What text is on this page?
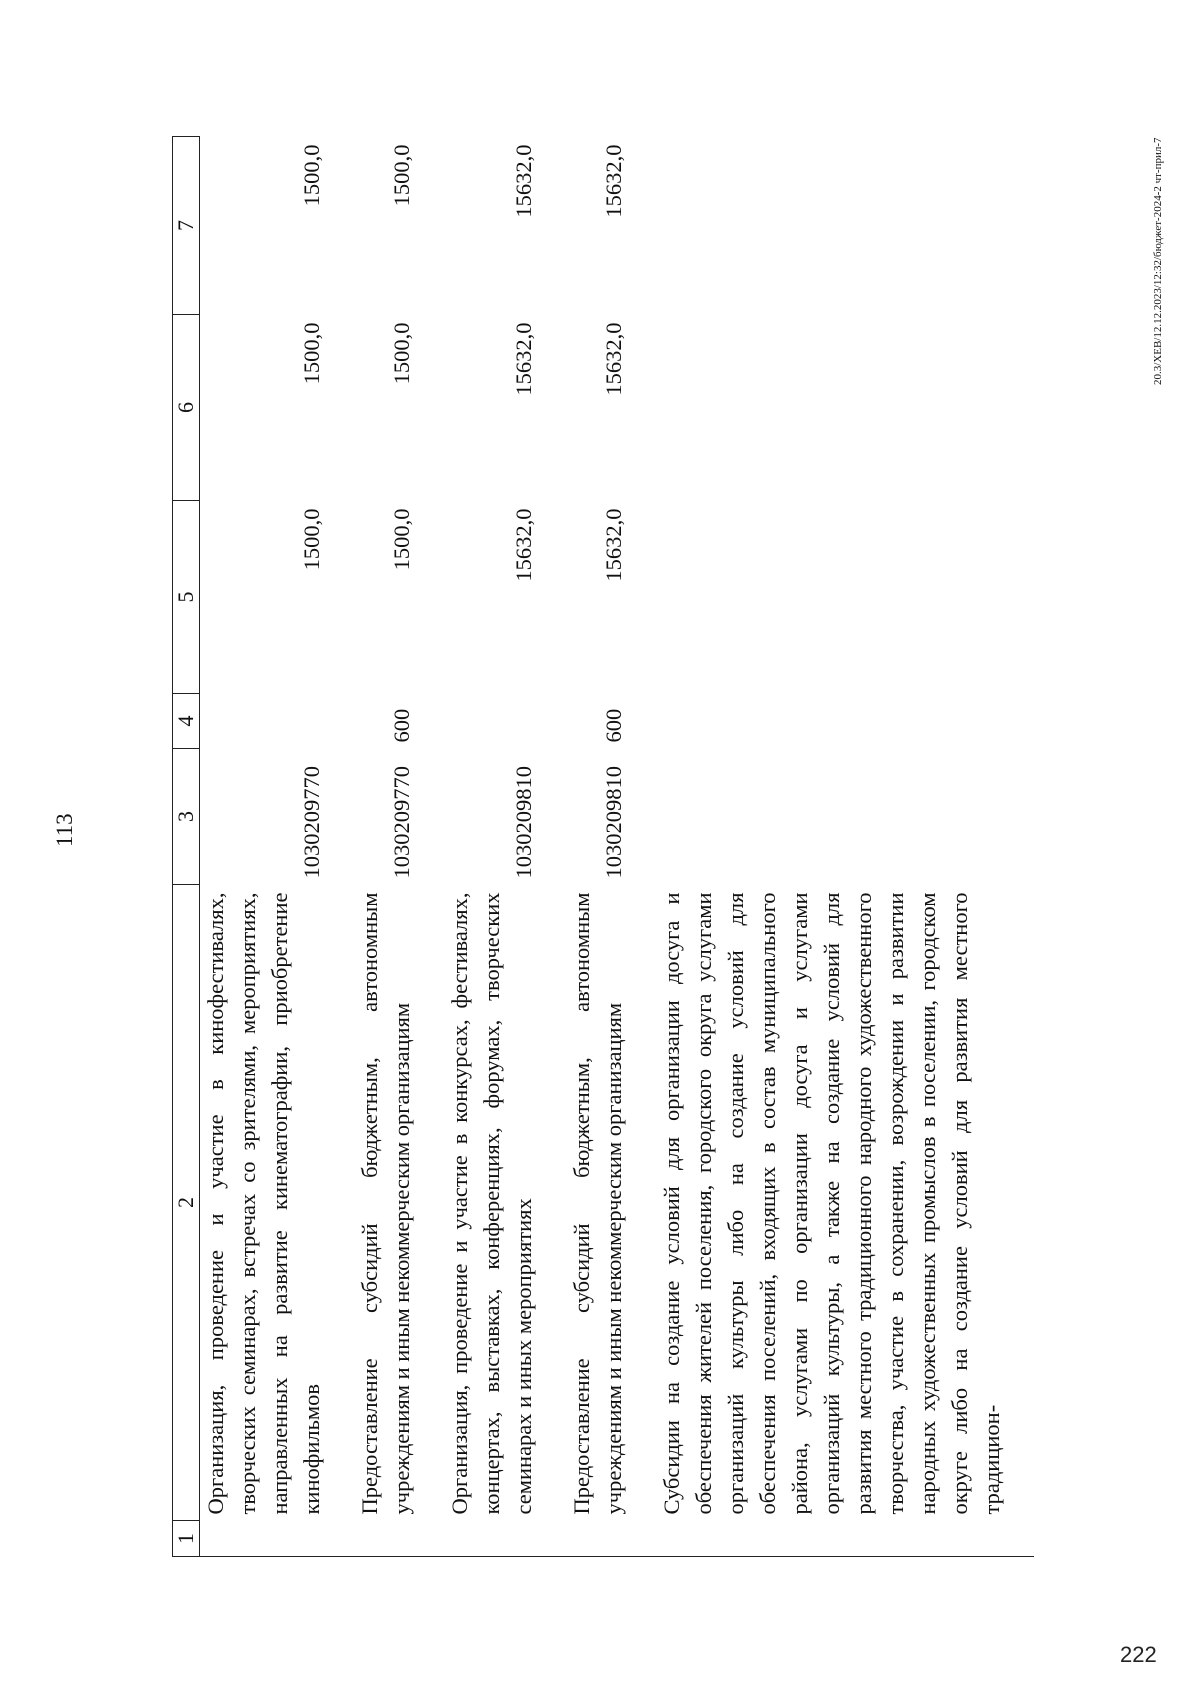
113
1	2	3	4	5	6	7

	Организация, проведение и участие в кинофестивалях, творческих семинарах, встречах со зрителями, мероприятиях, направленных на развитие кинематографии, приобретение кинофильмов	1030209770		1500,0	1500,0	1500,0

	Предоставление субсидий бюджетным, автономным учреждениям и иным некоммерческим организациям	1030209770	600	1500,0	1500,0	1500,0

	Организация, проведение и участие в конкурсах, фестивалях, концертах, выставках, конференциях, форумах, творческих семинарах и иных мероприятиях	1030209810		15632,0	15632,0	15632,0

	Предоставление субсидий бюджетным, автономным учреждениям и иным некоммерческим организациям	1030209810	600	15632,0	15632,0	15632,0

	Субсидии на создание условий для организации досуга и обеспечения жителей поселения, городского округа услугами организаций культуры либо на создание условий для обеспечения поселений, входящих в состав муниципального района, услугами по организации досуга и услугами организаций культуры, а также на создание условий для развития местного традиционного народного художественного творчества, участие в сохранении, возрождении и развитии народных художественных промыслов в поселении, городском округе либо на создание условий для развития местного традицион-					

20.3/XEB/12.12.2023/12:32/бюджет-2024-2 чт-прил-7
222
